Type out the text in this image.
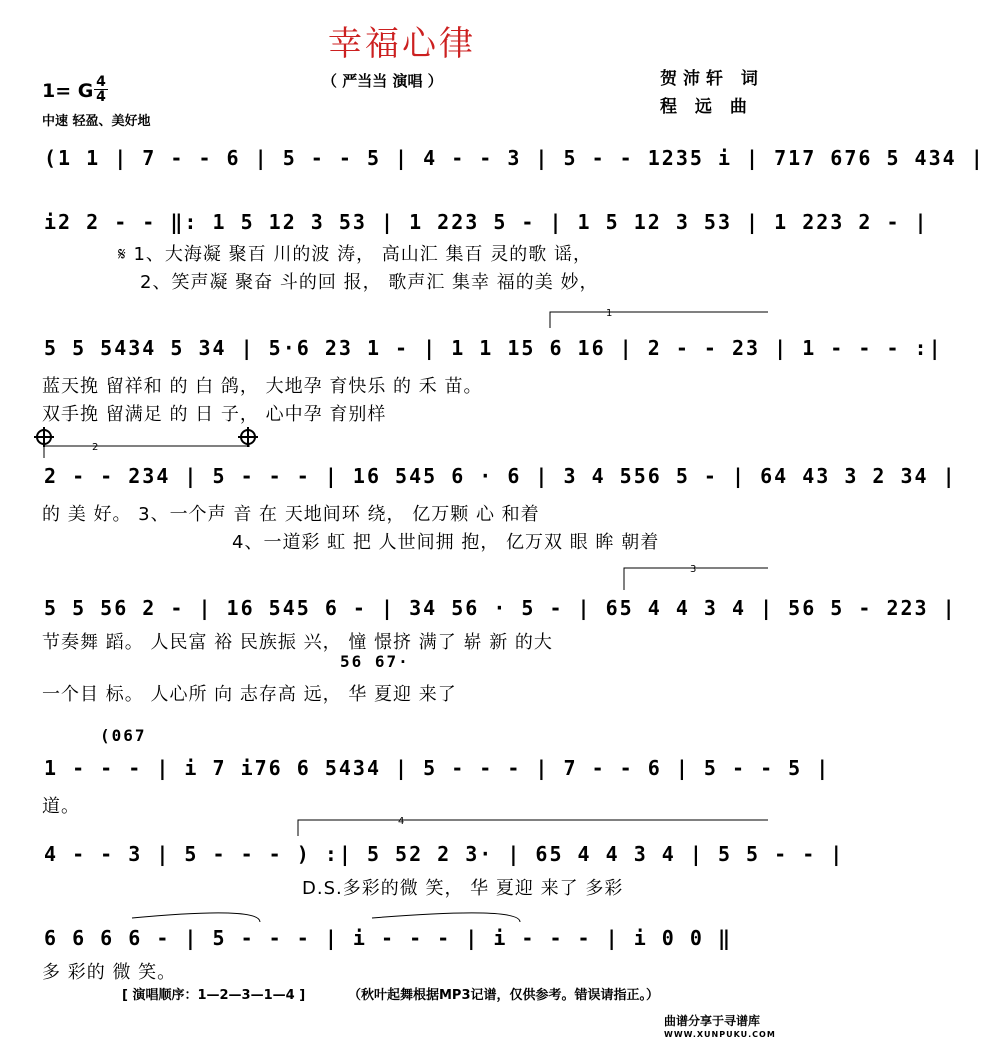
幸福心律
（ 严当当 演唱 ）	贺沛轩 词
程 远 曲
1= G 4
4
中速 轻盈、美好地
(1 1 | 7 - - 6 | 5 - - 5 | 4 - - 3 | 5 - - 1235 i | 717 676 5 434 |
i2 2 - - ‖: 1 5 12 3 53 | 1 223 5 - | 1 5 12 3 53 | 1 223 2 - |
𝄋 1、大海凝 聚百 川的波 涛， 高山汇 集百 灵的歌 谣，
2、笑声凝 聚奋 斗的回 报， 歌声汇 集幸 福的美 妙，
5 5 5434 5 34 | 5·6 23 1 - | 1 1 15 6 16 | 2 - - 23 | 1 - - - :|
蓝天挽 留祥和 的 白 鸽， 大地孕 育快乐 的 禾 苗。
双手挽 留满足 的 日 子， 心中孕 育别样
2 - - 234 | 5 - - - | 16 545 6 · 6 | 3 4 556 5 - | 64 43 3 2 34 |
的 美 好。 3、一个声 音 在 天地间环 绕， 亿万颗 心 和着
4、一道彩 虹 把 人世间拥 抱， 亿万双 眼 眸 朝着
5 5 56 2 - | 16 545 6 - | 34 56 · 5 - | 65 4 4 3 4 | 56 5 - 223 |
节奏舞 蹈。 人民富 裕 民族振 兴， 憧 憬挤 满了 崭 新 的大
56 67·
一个目 标。 人心所 向 志存高 远， 华 夏迎 来了
(067
1 - - - | i 7 i76 6 5434 | 5 - - - | 7 - - 6 | 5 - - 5 |
道。
4 - - 3 | 5 - - - ) :| 5 52 2 3· | 65 4 4 3 4 | 5 5 - - |
D.S.多彩的微 笑， 华 夏迎 来了 多彩
6 6 6 6 - | 5 - - - | i - - - | i - - - | i 0 0 ‖
多 彩的 微 笑。
[ 演唱顺序：1—2—3—1—4 ]	（秋叶起舞根据MP3记谱，仅供参考。错误请指正。）
曲谱分享于寻谱库
WWW.XUNPUKU.COM
1
2
3
4
